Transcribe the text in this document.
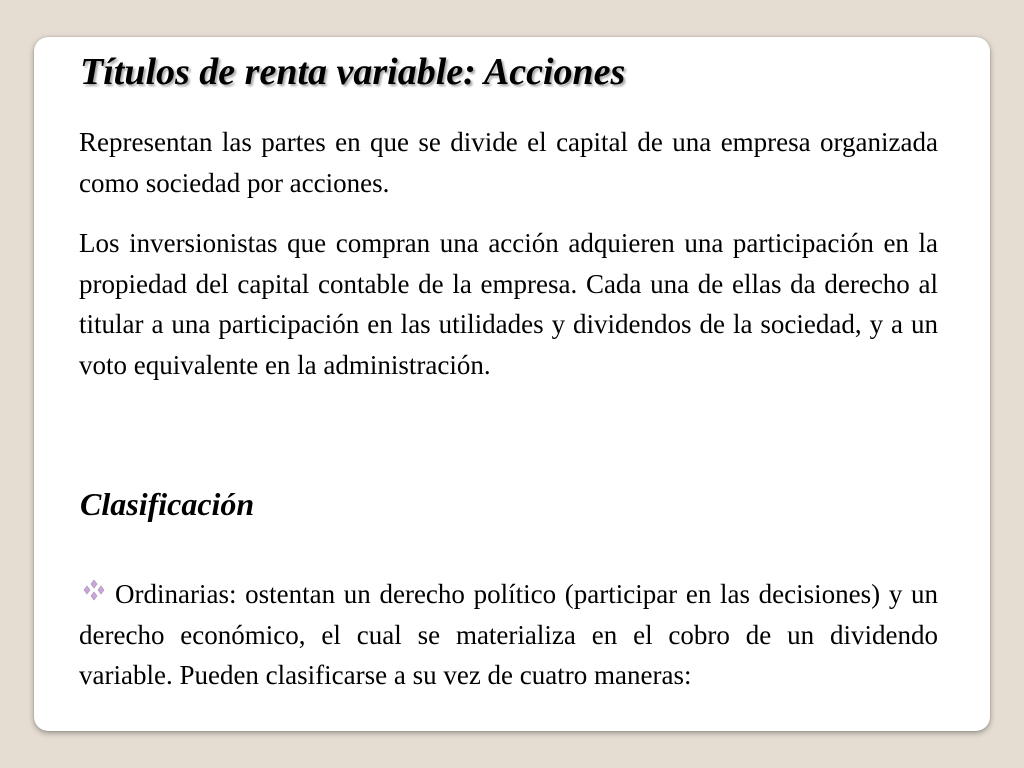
Títulos de renta variable: Acciones

Representan las partes en que se divide el capital de una empresa organizada como sociedad por acciones.

Los inversionistas que compran una acción adquieren una participación en la propiedad del capital contable de la empresa. Cada una de ellas da derecho al titular a una participación en las utilidades y dividendos de la sociedad, y a un voto equivalente en la administración.

Clasificación

Ordinarias: ostentan un derecho político (participar en las decisiones) y un derecho económico, el cual se materializa en el cobro de un dividendo variable. Pueden clasificarse a su vez de cuatro maneras:
